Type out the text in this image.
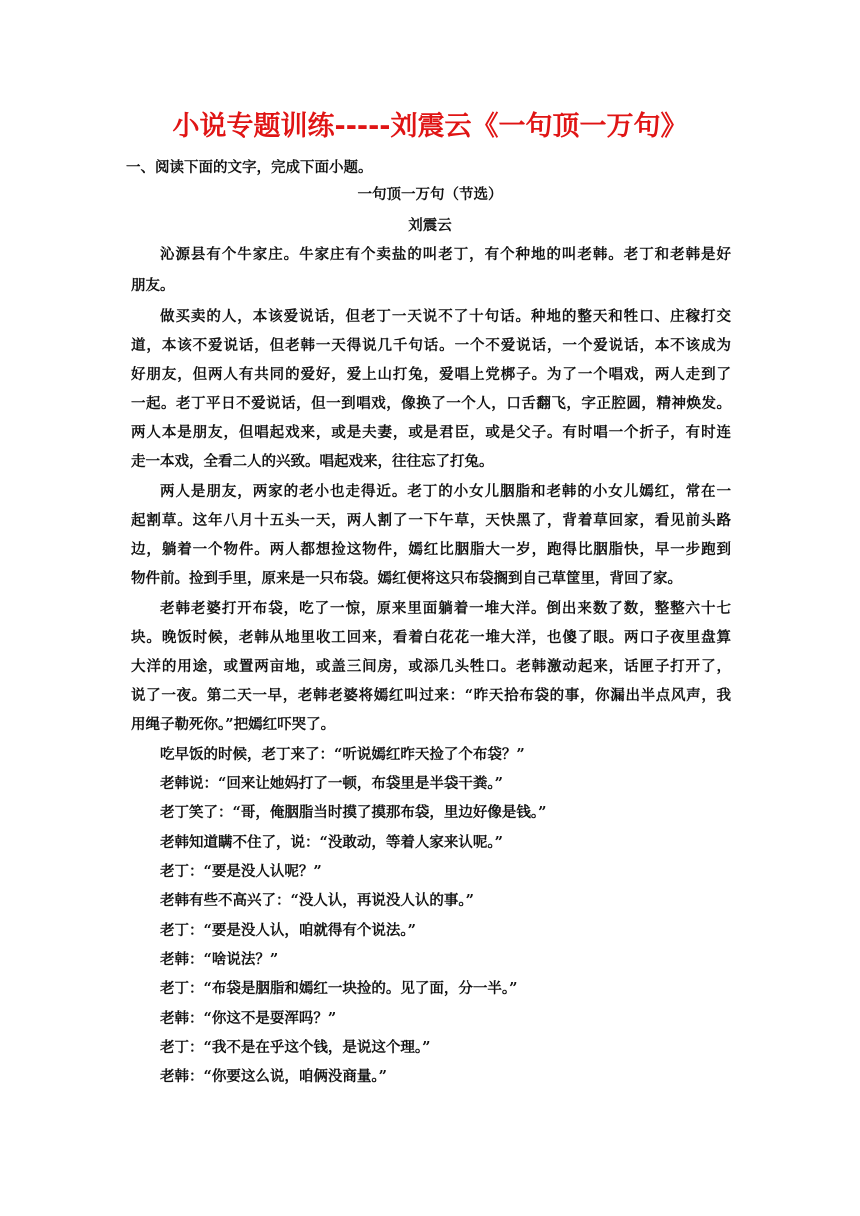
小说专题训练-----刘震云《一句顶一万句》
一、阅读下面的文字，完成下面小题。
一句顶一万句（节选）
刘震云
沁源县有个牛家庄。牛家庄有个卖盐的叫老丁，有个种地的叫老韩。老丁和老韩是好
朋友。
做买卖的人，本该爱说话，但老丁一天说不了十句话。种地的整天和牲口、庄稼打交
道，本该不爱说话，但老韩一天得说几千句话。一个不爱说话，一个爱说话，本不该成为
好朋友，但两人有共同的爱好，爱上山打兔，爱唱上党梆子。为了一个唱戏，两人走到了
一起。老丁平日不爱说话，但一到唱戏，像换了一个人，口舌翻飞，字正腔圆，精神焕发。
两人本是朋友，但唱起戏来，或是夫妻，或是君臣，或是父子。有时唱一个折子，有时连
走一本戏，全看二人的兴致。唱起戏来，往往忘了打兔。
两人是朋友，两家的老小也走得近。老丁的小女儿胭脂和老韩的小女儿嫣红，常在一
起割草。这年八月十五头一天，两人割了一下午草，天快黑了，背着草回家，看见前头路
边，躺着一个物件。两人都想捡这物件，嫣红比胭脂大一岁，跑得比胭脂快，早一步跑到
物件前。捡到手里，原来是一只布袋。嫣红便将这只布袋搁到自己草筐里，背回了家。
老韩老婆打开布袋，吃了一惊，原来里面躺着一堆大洋。倒出来数了数，整整六十七
块。晚饭时候，老韩从地里收工回来，看着白花花一堆大洋，也傻了眼。两口子夜里盘算
大洋的用途，或置两亩地，或盖三间房，或添几头牲口。老韩激动起来，话匣子打开了，
说了一夜。第二天一早，老韩老婆将嫣红叫过来：“昨天拾布袋的事，你漏出半点风声，我
用绳子勒死你。”把嫣红吓哭了。
吃早饭的时候，老丁来了：“听说嫣红昨天捡了个布袋？”
老韩说：“回来让她妈打了一顿，布袋里是半袋干粪。”
老丁笑了：“哥，俺胭脂当时摸了摸那布袋，里边好像是钱。”
老韩知道瞒不住了，说：“没敢动，等着人家来认呢。”
老丁：“要是没人认呢？”
老韩有些不高兴了：“没人认，再说没人认的事。”
老丁：“要是没人认，咱就得有个说法。”
老韩：“啥说法？”
老丁：“布袋是胭脂和嫣红一块捡的。见了面，分一半。”
老韩：“你这不是耍浑吗？”
老丁：“我不是在乎这个钱，是说这个理。”
老韩：“你要这么说，咱俩没商量。”
